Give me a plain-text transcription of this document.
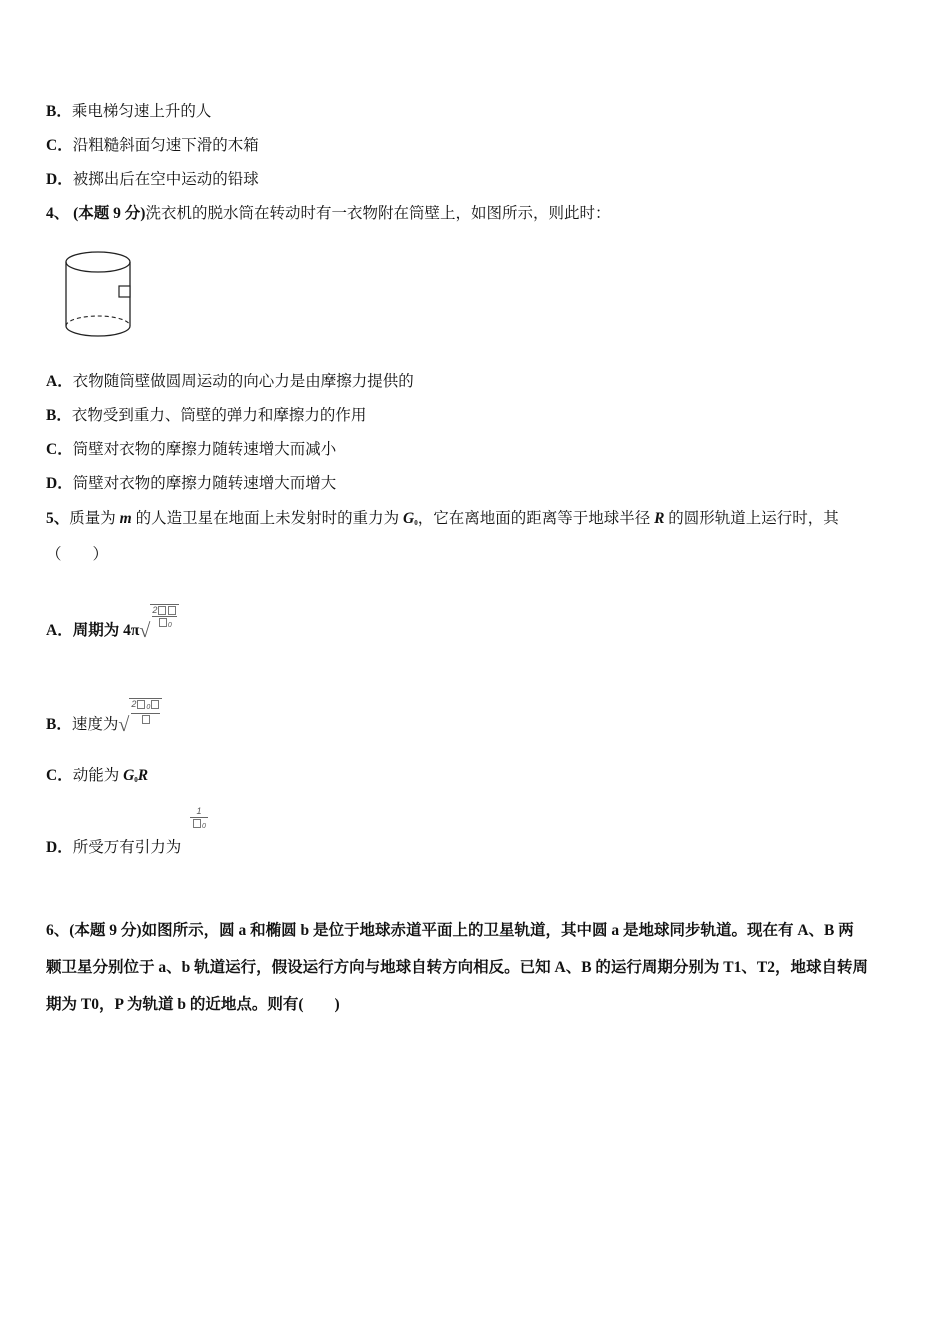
B．乘电梯匀速上升的人
C．沿粗糙斜面匀速下滑的木箱
D．被掷出后在空中运动的铅球
4、 (本题 9 分)洗衣机的脱水筒在转动时有一衣物附在筒壁上，如图所示，则此时：
A．衣物随筒壁做圆周运动的向心力是由摩擦力提供的
B．衣物受到重力、筒壁的弹力和摩擦力的作用
C．筒壁对衣物的摩擦力随转速增大而减小
D．筒壁对衣物的摩擦力随转速增大而增大
5、质量为 m 的人造卫星在地面上未发射时的重力为 $G_0$，它在离地面的距离等于地球半径 R 的圆形轨道上运行时，其
（　　）
A．周期为 4π √ $\frac{2}{_0}$
B．速度为 √
2 $_0$
C．动能为 $G_0R$
1
$_0$
D．所受万有引力为
6、(本题 9 分)如图所示，圆 a 和椭圆 b 是位于地球赤道平面上的卫星轨道，其中圆 a 是地球同步轨道。现在有 A、B 两
颗卫星分别位于 a、b 轨道运行，假设运行方向与地球自转方向相反。已知 A、B 的运行周期分别为 T1、T2，地球自转周
期为 T0，P 为轨道 b 的近地点。则有(　　)
